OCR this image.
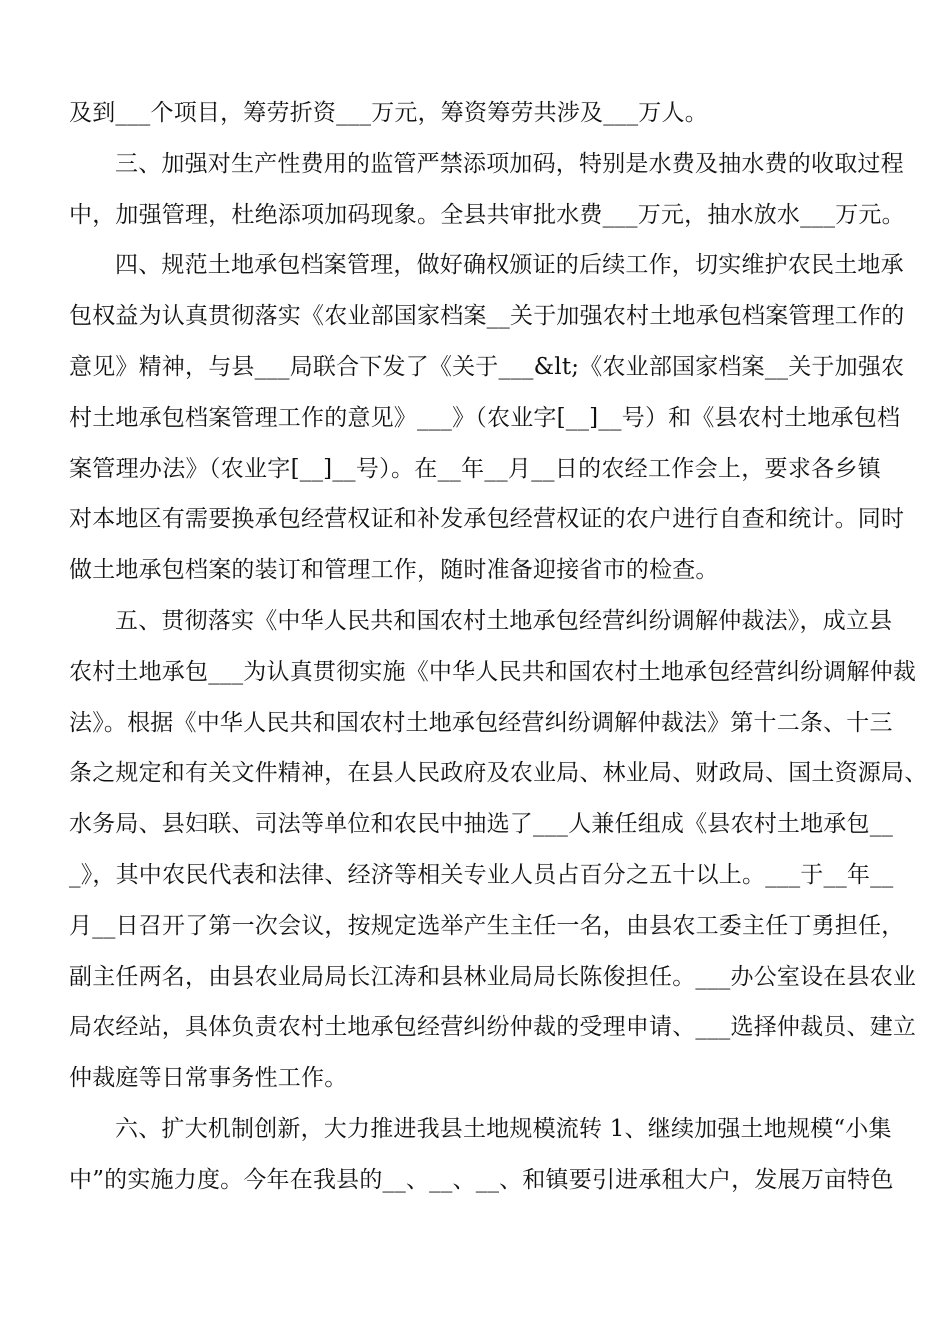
及到___个项目，筹劳折资___万元，筹资筹劳共涉及___万人。
三、加强对生产性费用的监管严禁添项加码，特别是水费及抽水费的收取过程
中，加强管理，杜绝添项加码现象。全县共审批水费___万元，抽水放水___万元。
四、规范土地承包档案管理，做好确权颁证的后续工作，切实维护农民土地承
包权益为认真贯彻落实《农业部国家档案__关于加强农村土地承包档案管理工作的
意见》精神，与县___局联合下发了《关于___&lt;《农业部国家档案__关于加强农
村土地承包档案管理工作的意见》___》（农业字[__]__号）和《县农村土地承包档
案管理办法》（农业字[__]__号）。在__年__月__日的农经工作会上，要求各乡镇
对本地区有需要换承包经营权证和补发承包经营权证的农户进行自查和统计。同时
做土地承包档案的装订和管理工作，随时准备迎接省市的检查。
五、贯彻落实《中华人民共和国农村土地承包经营纠纷调解仲裁法》，成立县
农村土地承包___为认真贯彻实施《中华人民共和国农村土地承包经营纠纷调解仲裁
法》。根据《中华人民共和国农村土地承包经营纠纷调解仲裁法》第十二条、十三
条之规定和有关文件精神，在县人民政府及农业局、林业局、财政局、国土资源局、
水务局、县妇联、司法等单位和农民中抽选了___人兼任组成《县农村土地承包__
_》，其中农民代表和法律、经济等相关专业人员占百分之五十以上。___于__年__
月__日召开了第一次会议，按规定选举产生主任一名，由县农工委主任丁勇担任，
副主任两名，由县农业局局长江涛和县林业局局长陈俊担任。___办公室设在县农业
局农经站，具体负责农村土地承包经营纠纷仲裁的受理申请、___选择仲裁员、建立
仲裁庭等日常事务性工作。
六、扩大机制创新，大力推进我县土地规模流转 1、继续加强土地规模“小集
中”的实施力度。今年在我县的__、__、__、和镇要引进承租大户，发展万亩特色
